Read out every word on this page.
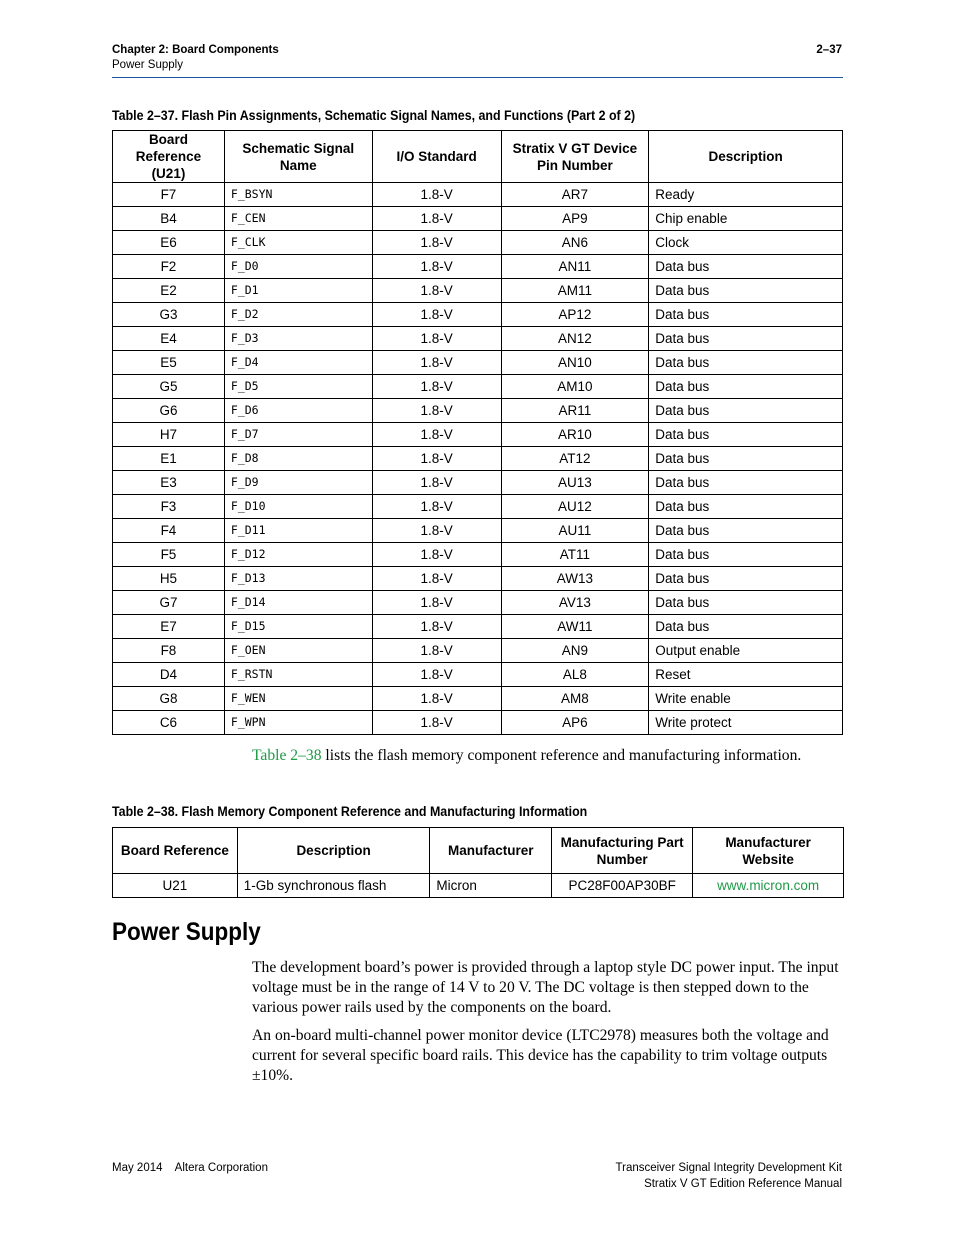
Chapter 2: Board Components
Power Supply
2–37
Table 2–37. Flash Pin Assignments, Schematic Signal Names, and Functions (Part 2 of 2)
Board Reference (U21)	Schematic Signal Name	I/O Standard	Stratix V GT Device Pin Number	Description
F7	F_BSYN	1.8-V	AR7	Ready
B4	F_CEN	1.8-V	AP9	Chip enable
E6	F_CLK	1.8-V	AN6	Clock
F2	F_D0	1.8-V	AN11	Data bus
E2	F_D1	1.8-V	AM11	Data bus
G3	F_D2	1.8-V	AP12	Data bus
E4	F_D3	1.8-V	AN12	Data bus
E5	F_D4	1.8-V	AN10	Data bus
G5	F_D5	1.8-V	AM10	Data bus
G6	F_D6	1.8-V	AR11	Data bus
H7	F_D7	1.8-V	AR10	Data bus
E1	F_D8	1.8-V	AT12	Data bus
E3	F_D9	1.8-V	AU13	Data bus
F3	F_D10	1.8-V	AU12	Data bus
F4	F_D11	1.8-V	AU11	Data bus
F5	F_D12	1.8-V	AT11	Data bus
H5	F_D13	1.8-V	AW13	Data bus
G7	F_D14	1.8-V	AV13	Data bus
E7	F_D15	1.8-V	AW11	Data bus
F8	F_OEN	1.8-V	AN9	Output enable
D4	F_RSTN	1.8-V	AL8	Reset
G8	F_WEN	1.8-V	AM8	Write enable
C6	F_WPN	1.8-V	AP6	Write protect
Table 2–38 lists the flash memory component reference and manufacturing information.
Table 2–38. Flash Memory Component Reference and Manufacturing Information
Board Reference	Description	Manufacturer	Manufacturing Part Number	Manufacturer Website
U21	1-Gb synchronous flash	Micron	PC28F00AP30BF	www.micron.com
Power Supply
The development board’s power is provided through a laptop style DC power input. The input voltage must be in the range of 14 V to 20 V. The DC voltage is then stepped down to the various power rails used by the components on the board.
An on-board multi-channel power monitor device (LTC2978) measures both the voltage and current for several specific board rails. This device has the capability to trim voltage outputs ±10%.
May 2014    Altera Corporation	Transceiver Signal Integrity Development Kit
Stratix V GT Edition Reference Manual
